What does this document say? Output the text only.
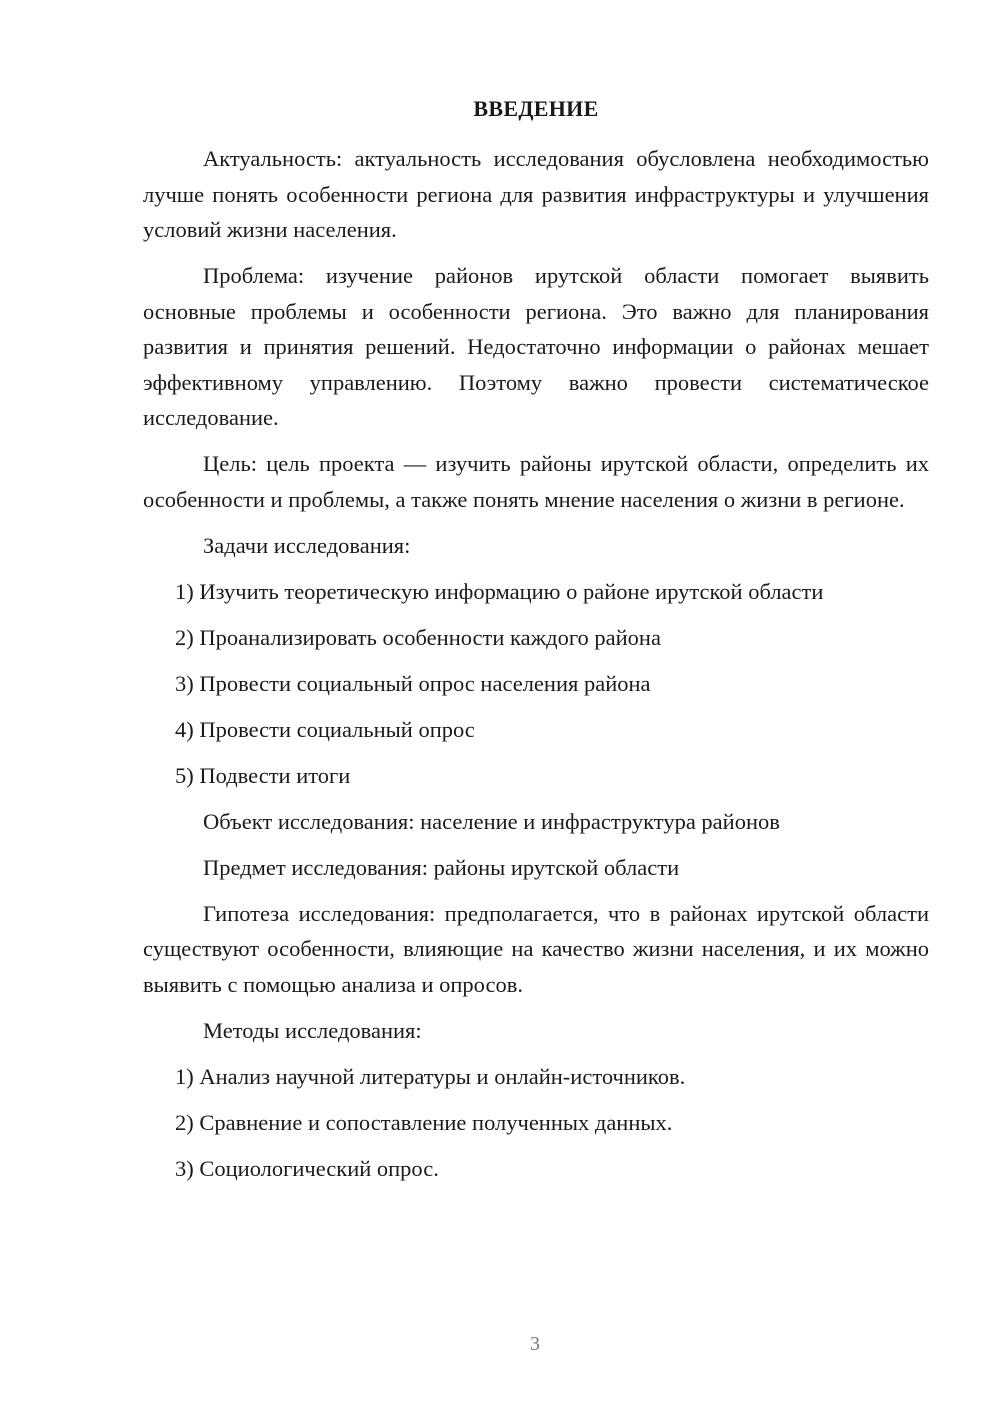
ВВЕДЕНИЕ

Актуальность: актуальность исследования обусловлена необходимостью лучше понять особенности региона для развития инфраструктуры и улучшения условий жизни населения.

Проблема: изучение районов ирутской области помогает выявить основные проблемы и особенности региона. Это важно для планирования развития и принятия решений. Недостаточно информации о районах мешает эффективному управлению. Поэтому важно провести систематическое исследование.

Цель: цель проекта — изучить районы ирутской области, определить их особенности и проблемы, а также понять мнение населения о жизни в регионе.

Задачи исследования:

1) Изучить теоретическую информацию о районе ирутской области

2) Проанализировать особенности каждого района

3) Провести социальный опрос населения района

4) Провести социальный опрос

5) Подвести итоги

Объект исследования: население и инфраструктура районов

Предмет исследования: районы ирутской области

Гипотеза исследования: предполагается, что в районах ирутской области существуют особенности, влияющие на качество жизни населения, и их можно выявить с помощью анализа и опросов.

Методы исследования:

1) Анализ научной литературы и онлайн-источников.

2) Сравнение и сопоставление полученных данных.

3) Социологический опрос.

3
